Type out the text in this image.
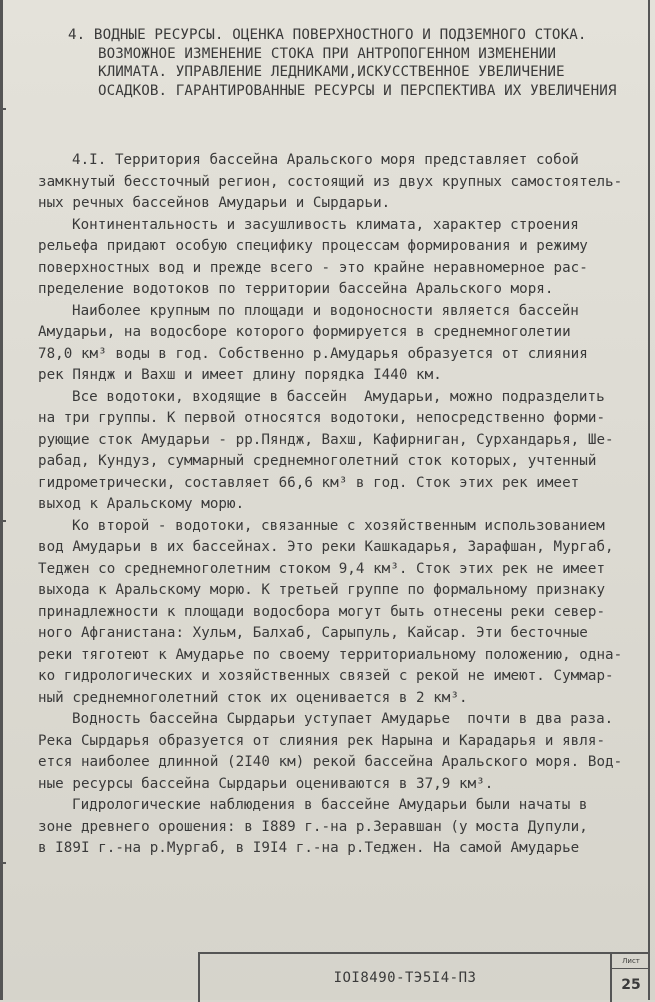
4. ВОДНЫЕ РЕСУРСЫ. ОЦЕНКА ПОВЕРХНОСТНОГО И ПОДЗЕМНОГО СТОКА.
ВОЗМОЖНОЕ ИЗМЕНЕНИЕ СТОКА ПРИ АНТРОПОГЕННОМ ИЗМЕНЕНИИ
КЛИМАТА. УПРАВЛЕНИЕ ЛЕДНИКАМИ,ИСКУССТВЕННОЕ УВЕЛИЧЕНИЕ
ОСАДКОВ. ГАРАНТИРОВАННЫЕ РЕСУРСЫ И ПЕРСПЕКТИВА ИХ УВЕЛИЧЕНИЯ
4.I. Территория бассейна Аральского моря представляет собой
замкнутый бессточный регион, состоящий из двух крупных самостоятель-
ных речных бассейнов Амударьи и Сырдарьи.
Континентальность и засушливость климата, характер строения
рельефа придают особую специфику процессам формирования и режиму
поверхностных вод и прежде всего - это крайне неравномерное рас-
пределение водотоков по территории бассейна Аральского моря.
Наиболее крупным по площади и водоносности является бассейн
Амударьи, на водосборе которого формируется в среднемноголетии
78,0 км³ воды в год. Собственно р.Амударья образуется от слияния
рек Пяндж и Вахш и имеет длину порядка I440 км.
Все водотоки, входящие в бассейн  Амударьи, можно подразделить
на три группы. К первой относятся водотоки, непосредственно форми-
рующие сток Амударьи - рр.Пяндж, Вахш, Кафирниган, Сурхандарья, Ше-
рабад, Кундуз, суммарный среднемноголетний сток которых, учтенный
гидрометрически, составляет 66,6 км³ в год. Сток этих рек имеет
выход к Аральскому морю.
Ко второй - водотоки, связанные с хозяйственным использованием
вод Амударьи в их бассейнах. Это реки Кашкадарья, Зарафшан, Мургаб,
Теджен со среднемноголетним стоком 9,4 км³. Сток этих рек не имеет
выхода к Аральскому морю. К третьей группе по формальному признаку
принадлежности к площади водосбора могут быть отнесены реки север-
ного Афганистана: Хульм, Балхаб, Сарыпуль, Кайсар. Эти бесточные
реки тяготеют к Амударье по своему территориальному положению, одна-
ко гидрологических и хозяйственных связей с рекой не имеют. Суммар-
ный среднемноголетний сток их оценивается в 2 км³.
Водность бассейна Сырдарьи уступает Амударье  почти в два раза.
Река Сырдарья образуется от слияния рек Нарына и Карадарья и явля-
ется наиболее длинной (2I40 км) рекой бассейна Аральского моря. Вод-
ные ресурсы бассейна Сырдарьи оцениваются в 37,9 км³.
Гидрологические наблюдения в бассейне Амударьи были начаты в
зоне древнего орошения: в I889 г.-на р.Зеравшан (у моста Дупули,
в I89I г.-на р.Мургаб, в I9I4 г.-на р.Теджен. На самой Амударье
IOI8490-ТЭ5I4-ПЗ
Лист
25
